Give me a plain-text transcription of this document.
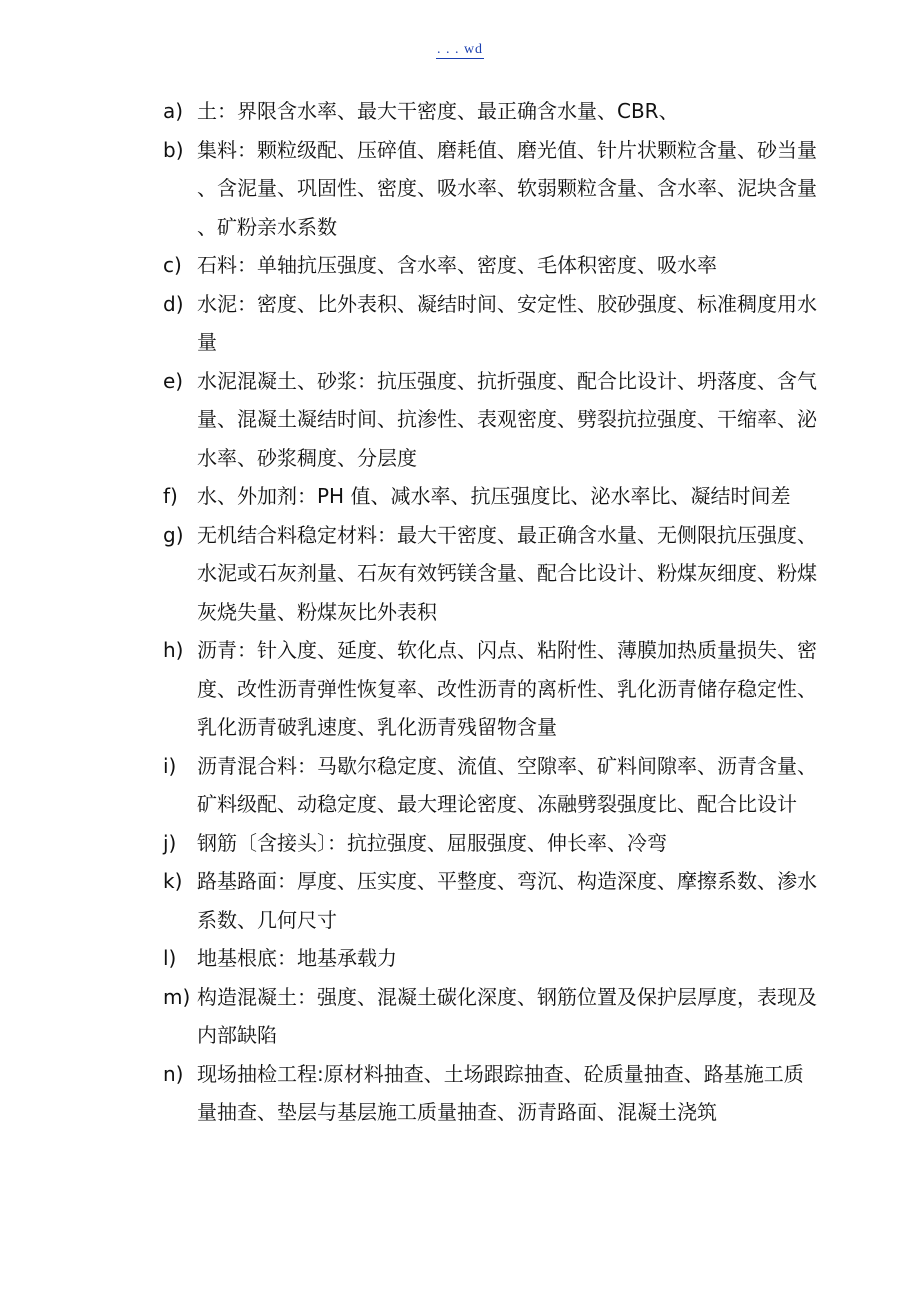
. . . wd
a) 土：界限含水率、最大干密度、最正确含水量、CBR、
b) 集料：颗粒级配、压碎值、磨耗值、磨光值、针片状颗粒含量、砂当量、含泥量、巩固性、密度、吸水率、软弱颗粒含量、含水率、泥块含量、矿粉亲水系数
c) 石料：单轴抗压强度、含水率、密度、毛体积密度、吸水率
d) 水泥：密度、比外表积、凝结时间、安定性、胶砂强度、标准稠度用水量
e) 水泥混凝土、砂浆：抗压强度、抗折强度、配合比设计、坍落度、含气量、混凝土凝结时间、抗渗性、表观密度、劈裂抗拉强度、干缩率、泌水率、砂浆稠度、分层度
f) 水、外加剂：PH 值、减水率、抗压强度比、泌水率比、凝结时间差
g) 无机结合料稳定材料：最大干密度、最正确含水量、无侧限抗压强度、水泥或石灰剂量、石灰有效钙镁含量、配合比设计、粉煤灰细度、粉煤灰烧失量、粉煤灰比外表积
h) 沥青：针入度、延度、软化点、闪点、粘附性、薄膜加热质量损失、密度、改性沥青弹性恢复率、改性沥青的离析性、乳化沥青储存稳定性、乳化沥青破乳速度、乳化沥青残留物含量
i)	沥青混合料：马歇尔稳定度、流值、空隙率、矿料间隙率、沥青含量、矿料级配、动稳定度、最大理论密度、冻融劈裂强度比、配合比设计
j)	钢筋〔含接头〕：抗拉强度、屈服强度、伸长率、冷弯
k) 路基路面：厚度、压实度、平整度、弯沉、构造深度、摩擦系数、渗水系数、几何尺寸
l)	地基根底：地基承载力
m) 构造混凝土：强度、混凝土碳化深度、钢筋位置及保护层厚度，表现及内部缺陷
n) 现场抽检工程:原材料抽查、土场跟踪抽查、砼质量抽查、路基施工质量抽查、垫层与基层施工质量抽查、沥青路面、混凝土浇筑
